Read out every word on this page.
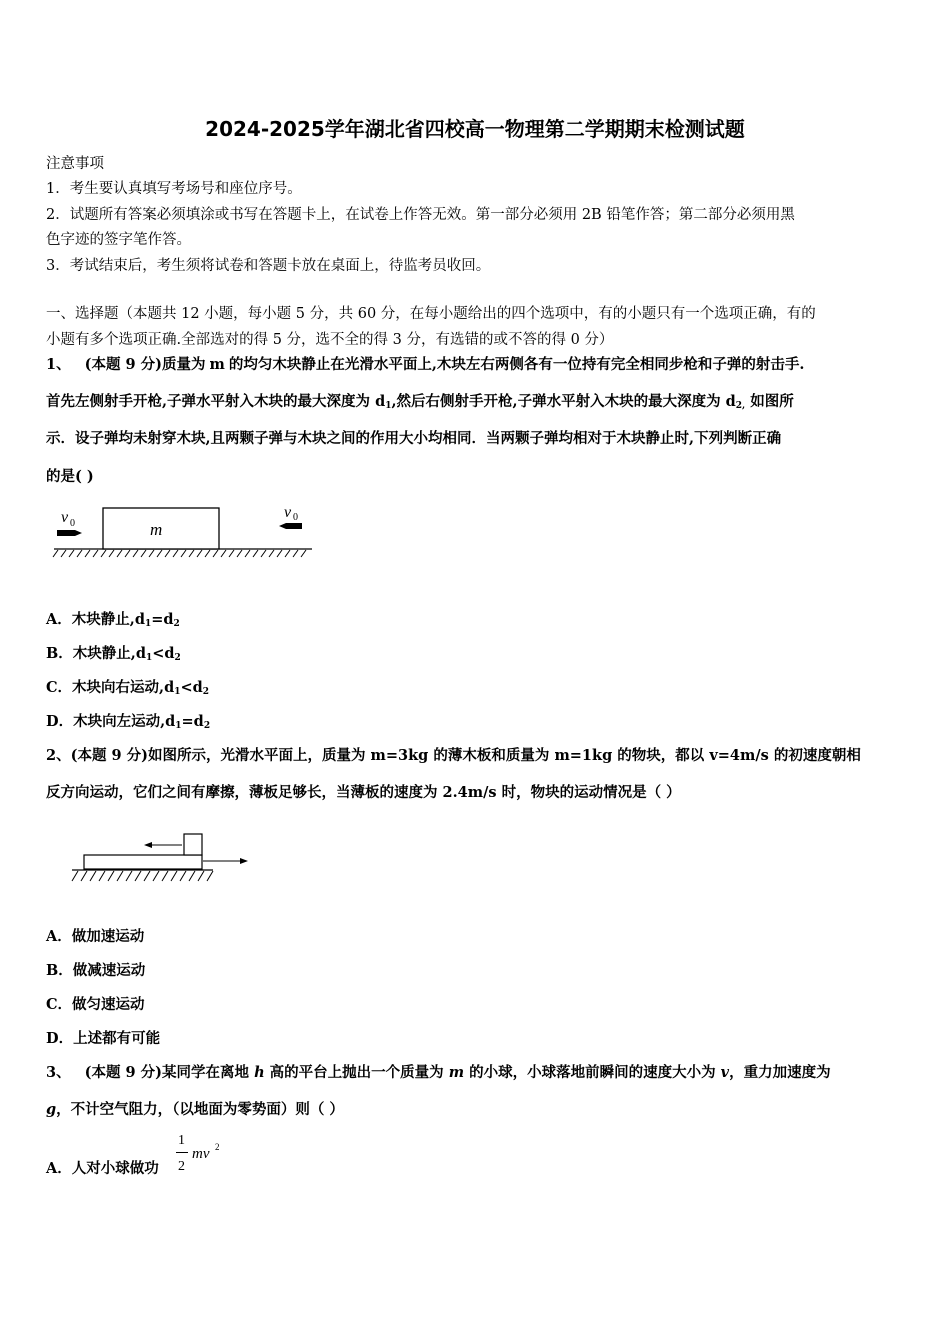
2024-2025学年湖北省四校高一物理第二学期期末检测试题
注意事项
1．考生要认真填写考场号和座位序号。
2．试题所有答案必须填涂或书写在答题卡上，在试卷上作答无效。第一部分必须用 2B 铅笔作答；第二部分必须用黑
色字迹的签字笔作答。
3．考试结束后，考生须将试卷和答题卡放在桌面上，待监考员收回。
一、选择题（本题共 12 小题，每小题 5 分，共 60 分，在每小题给出的四个选项中，有的小题只有一个选项正确，有的
小题有多个选项正确.全部选对的得 5 分，选不全的得 3 分，有选错的或不答的得 0 分）
1、 (本题 9 分)质量为 m 的均匀木块静止在光滑水平面上,木块左右两侧各有一位持有完全相同步枪和子弹的射击手.
首先左侧射手开枪,子弹水平射入木块的最大深度为 $d_1$,然后右侧射手开枪,子弹水平射入木块的最大深度为 $d_{2,}$ 如图所
示．设子弹均未射穿木块,且两颗子弹与木块之间的作用大小均相同．当两颗子弹均相对于木块静止时,下列判断正确
的是( )
m
v 0
v 0
A．木块静止$,d_1=d_2$
B．木块静止$,d_1<d_2$
C．木块向右运动$,d_1<d_2$
D．木块向左运动$,d_1=d_2$
2、(本题 9 分)如图所示，光滑水平面上，质量为 m=3kg 的薄木板和质量为 m=1kg 的物块，都以 v=4m/s 的初速度朝相
反方向运动，它们之间有摩擦，薄板足够长，当薄板的速度为 2.4m/s 时，物块的运动情况是（ ）
A．做加速运动
B．做减速运动
C．做匀速运动
D．上述都有可能
3、 (本题 9 分)某同学在离地 h 高的平台上抛出一个质量为 m 的小球，小球落地前瞬间的速度大小为 v，重力加速度为
g，不计空气阻力，（以地面为零势面）则（ ）
A．人对小球做功
1
2
mv 2
